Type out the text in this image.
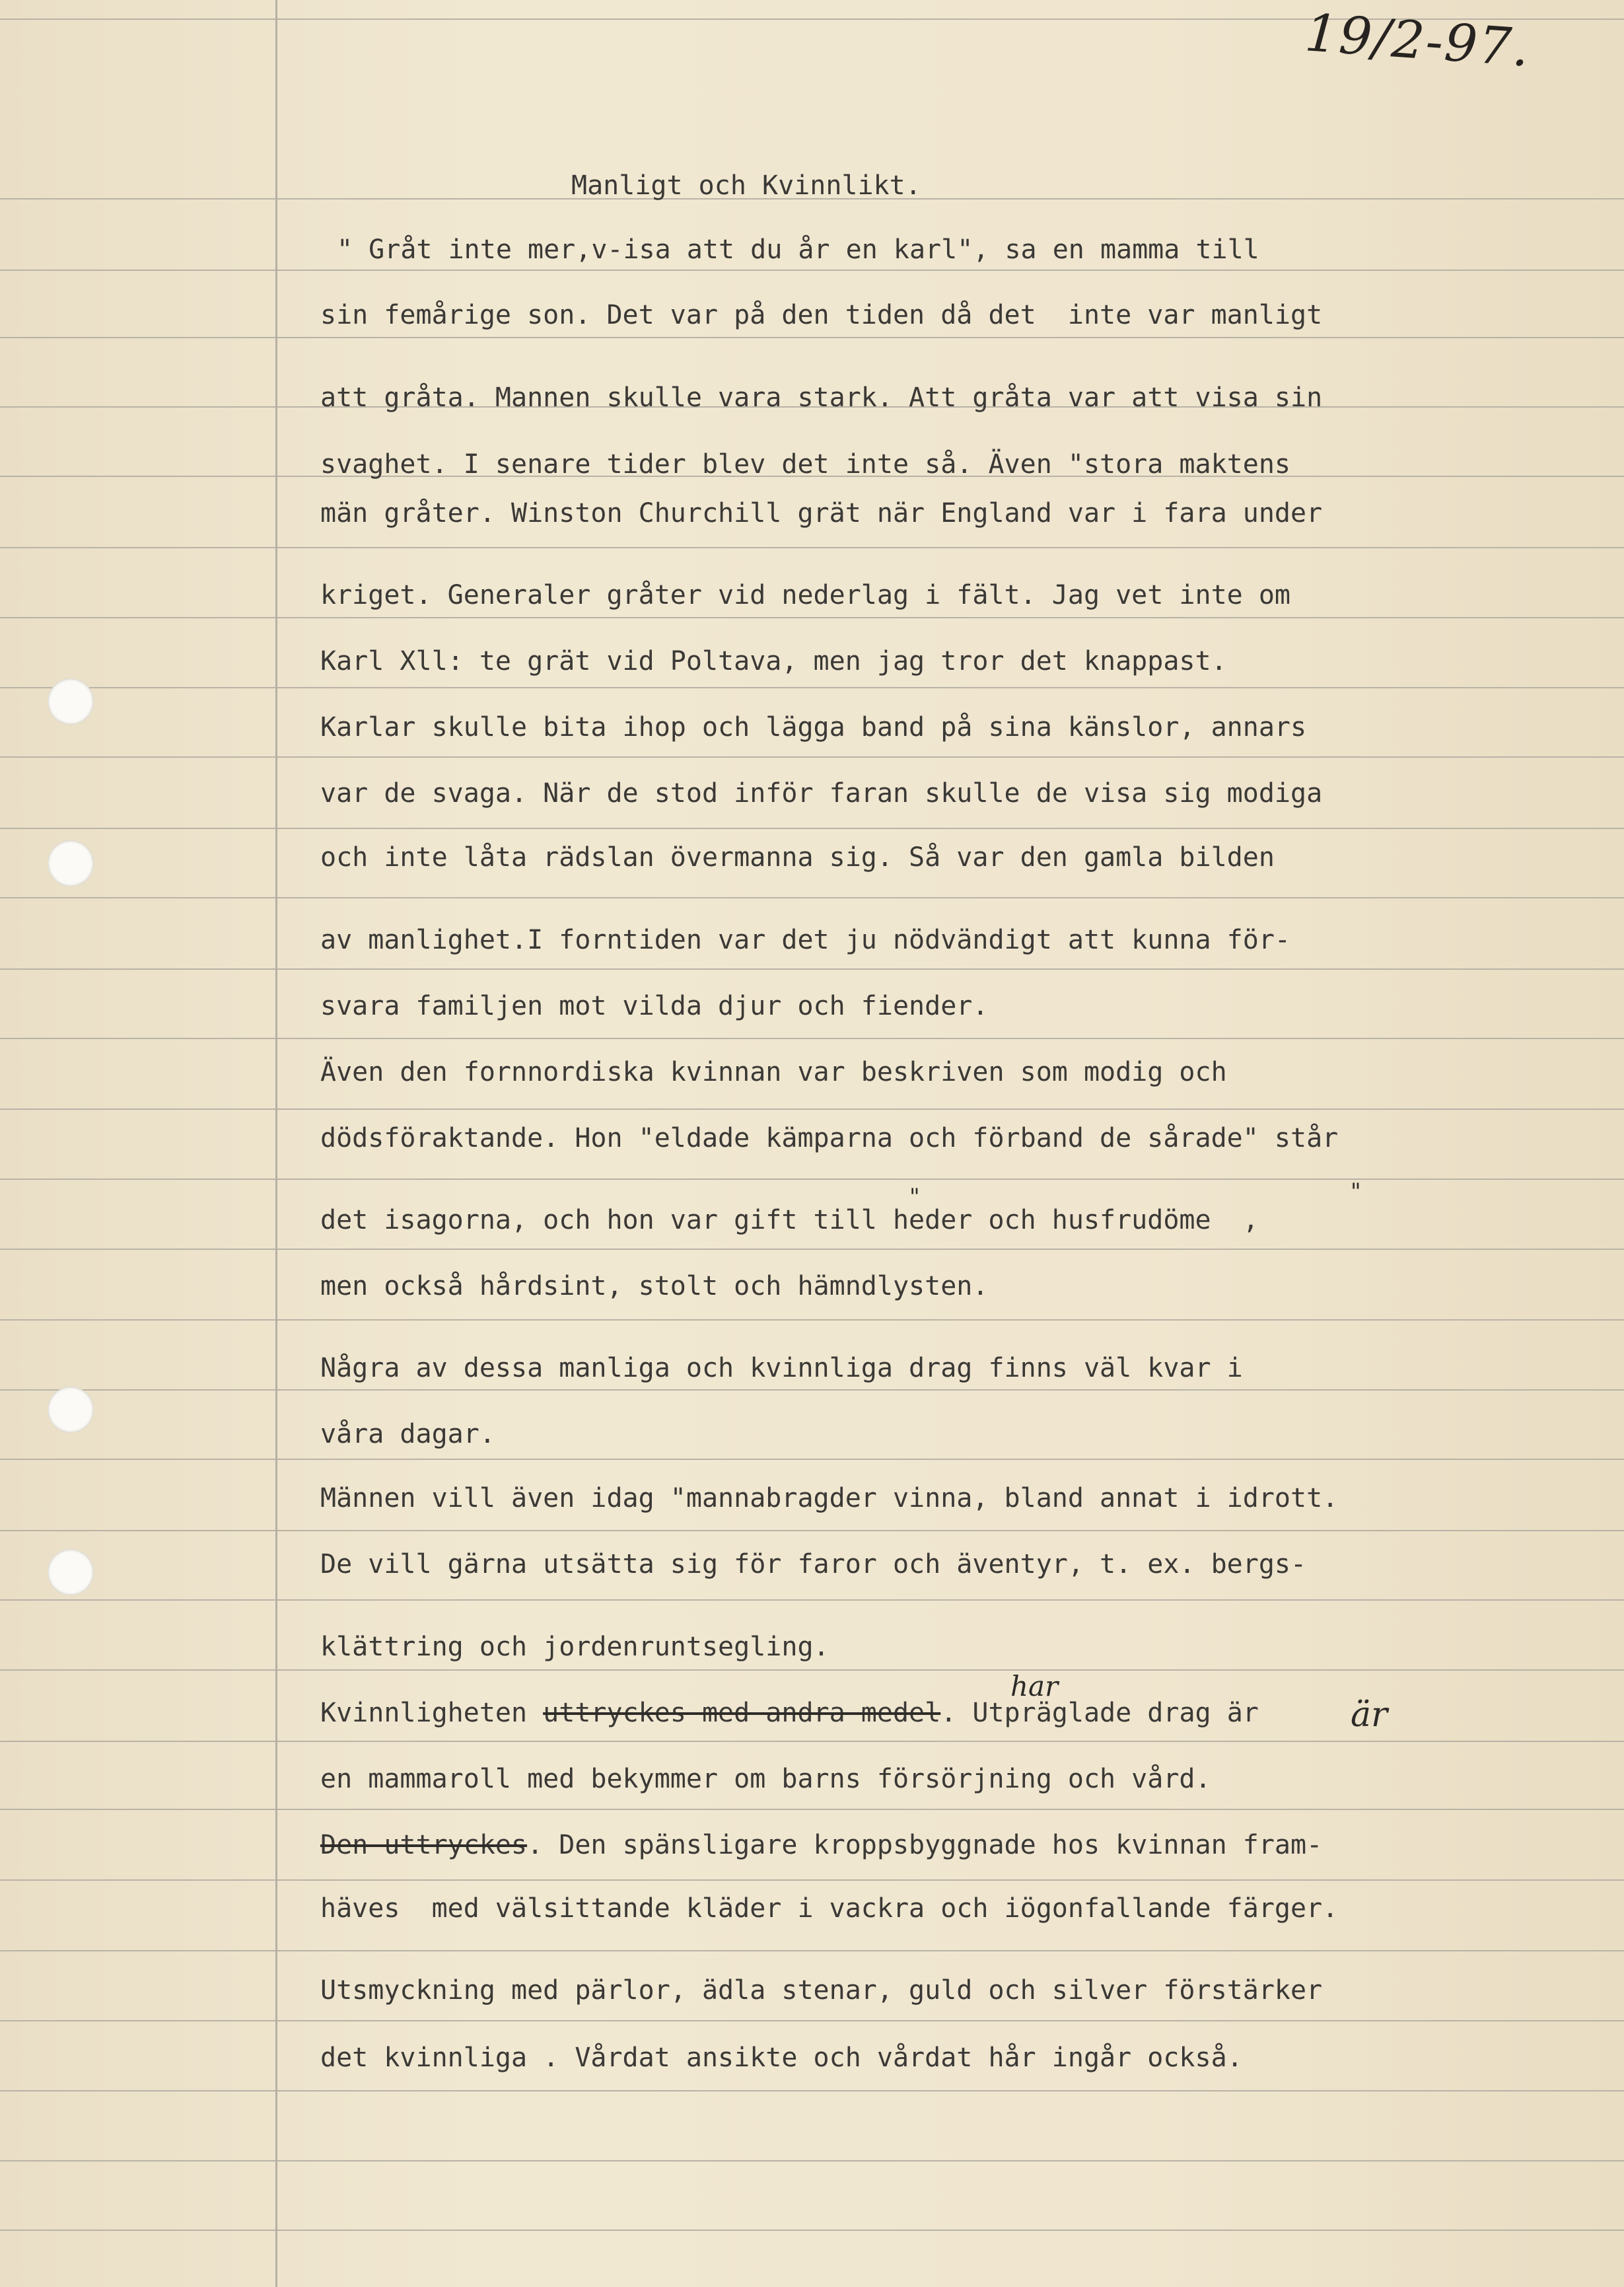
19/2-97.
Manligt och Kvinnlikt.
" Gråt inte mer,v-isa att du år en karl", sa en mamma till
sin femårige son. Det var på den tiden då det  inte var manligt
att gråta. Mannen skulle vara stark. Att gråta var att visa sin
svaghet. I senare tider blev det inte så. Även "stora maktens
män gråter. Winston Churchill grät när England var i fara under
kriget. Generaler gråter vid nederlag i fält. Jag vet inte om
Karl Xll: te grät vid Poltava, men jag tror det knappast.
Karlar skulle bita ihop och lägga band på sina känslor, annars
var de svaga. När de stod inför faran skulle de visa sig modiga
och inte låta rädslan övermanna sig. Så var den gamla bilden
av manlighet.I forntiden var det ju nödvändigt att kunna för-
svara familjen mot vilda djur och fiender.
Även den fornnordiska kvinnan var beskriven som modig och
dödsföraktande. Hon "eldade kämparna och förband de sårade" står
det isagorna, och hon var gift till heder och husfrudöme  ,
men också hårdsint, stolt och hämndlysten.
Några av dessa manliga och kvinnliga drag finns väl kvar i
våra dagar.
Männen vill även idag "mannabragder vinna, bland annat i idrott.
De vill gärna utsätta sig för faror och äventyr, t. ex. bergs-
klättring och jordenruntsegling.
Kvinnligheten uttryckes med andra medel. Utpräglade drag är
en mammaroll med bekymmer om barns försörjning och vård.
Den uttryckes. Den spänsligare kroppsbyggnade hos kvinnan fram-
häves  med välsittande kläder i vackra och iögonfallande färger.
Utsmyckning med pärlor, ädla stenar, guld och silver förstärker
det kvinnliga . Vårdat ansikte och vårdat hår ingår också.
har
är
"	"
